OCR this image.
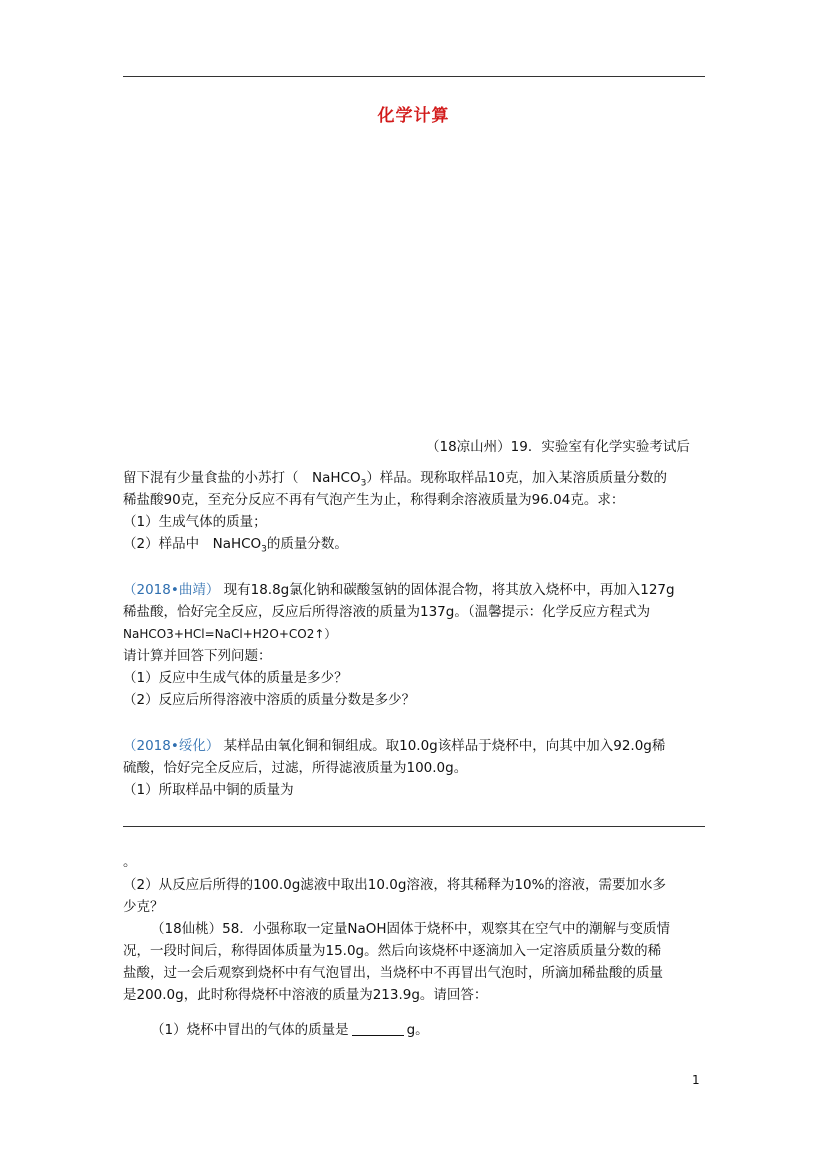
化学计算
（18凉山州）19．实验室有化学实验考试后
留下混有少量食盐的小苏打（　NaHCO$_3$）样品。现称取样品10克，加入某溶质质量分数的
稀盐酸90克，至充分反应不再有气泡产生为止，称得剩余溶液质量为96.04克。求：
（1）生成气体的质量；
（2）样品中　NaHCO$_3$的质量分数。
（2018•曲靖） 现有18.8g氯化钠和碳酸氢钠的固体混合物，将其放入烧杯中，再加入127g
稀盐酸，恰好完全反应，反应后所得溶液的质量为137g。（温馨提示：化学反应方程式为
NaHCO3+HCl=NaCl+H2O+CO2↑）
请计算并回答下列问题：
（1）反应中生成气体的质量是多少？
（2）反应后所得溶液中溶质的质量分数是多少？
（2018•绥化） 某样品由氧化铜和铜组成。取10.0g该样品于烧杯中，向其中加入92.0g稀
硫酸，恰好完全反应后，过滤，所得滤液质量为100.0g。
（1）所取样品中铜的质量为
。
（2）从反应后所得的100.0g滤液中取出10.0g溶液，将其稀释为10%的溶液，需要加水多
少克？
（18仙桃）58．小强称取一定量NaOH固体于烧杯中，观察其在空气中的潮解与变质情
况，一段时间后，称得固体质量为15.0g。然后向该烧杯中逐滴加入一定溶质质量分数的稀
盐酸，过一会后观察到烧杯中有气泡冒出，当烧杯中不再冒出气泡时，所滴加稀盐酸的质量
是200.0g，此时称得烧杯中溶液的质量为213.9g。请回答：
（1）烧杯中冒出的气体的质量是	g。
1
